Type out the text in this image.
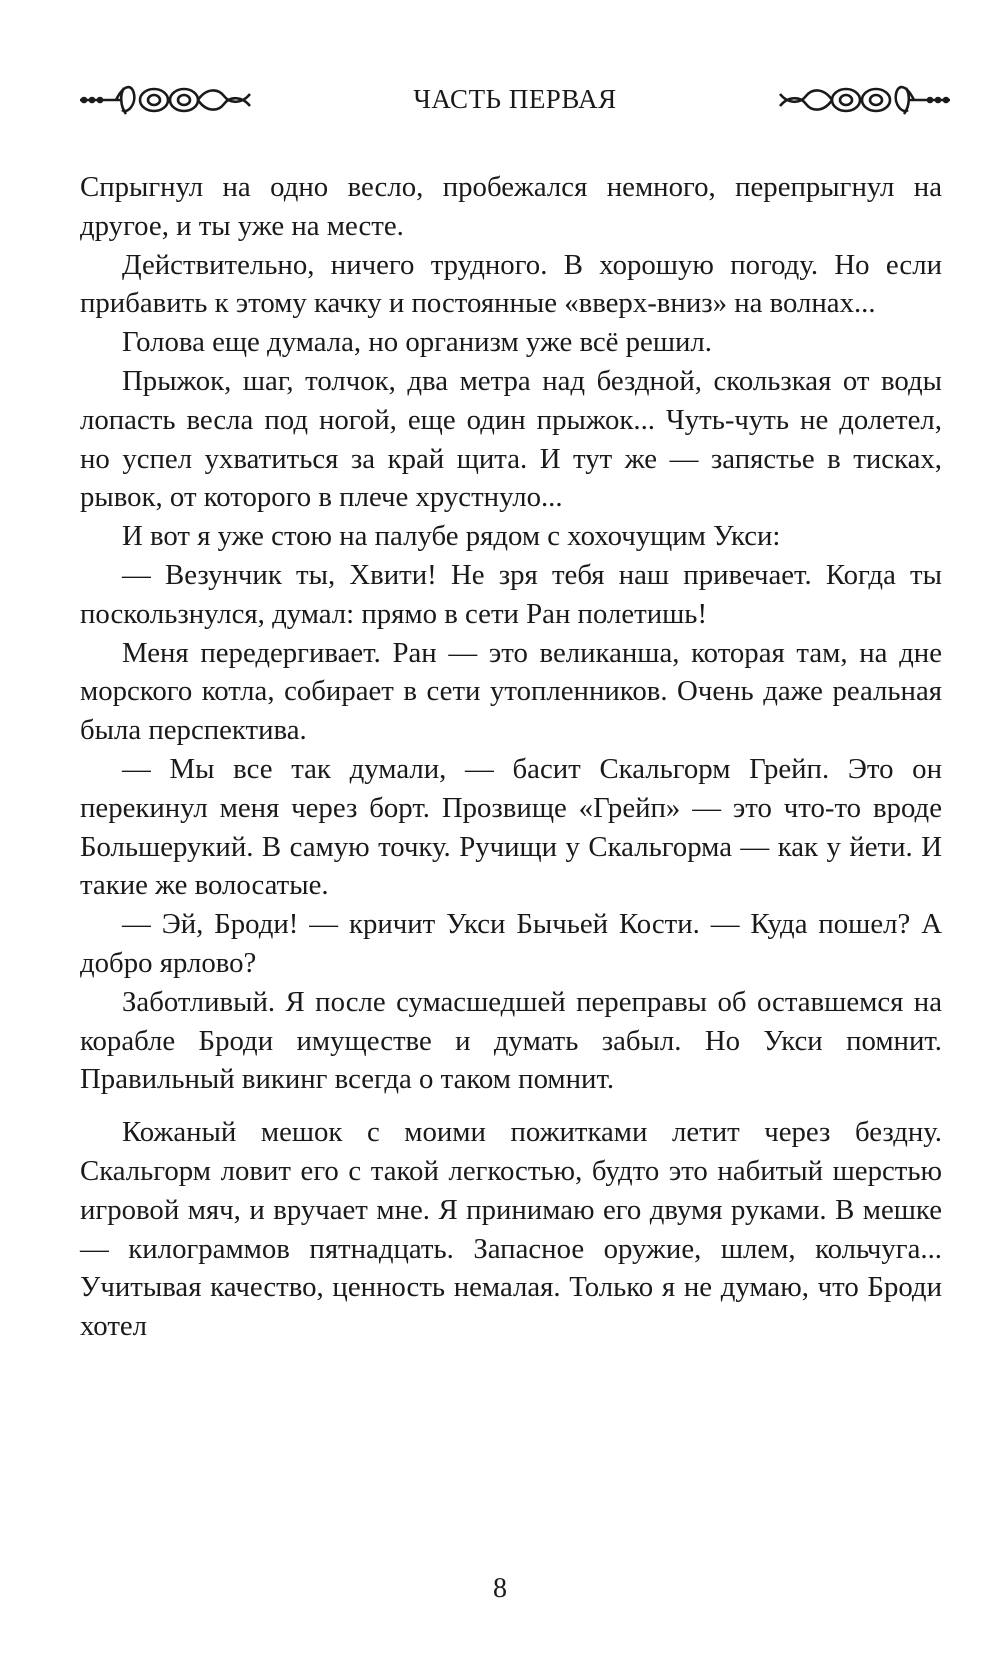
ЧАСТЬ ПЕРВАЯ

Спрыгнул на одно весло, пробежался немного, перепрыгнул на другое, и ты уже на месте.

Действительно, ничего трудного. В хорошую погоду. Но если прибавить к этому качку и постоянные «вверх-вниз» на волнах...

Голова еще думала, но организм уже всё решил.

Прыжок, шаг, толчок, два метра над бездной, скользкая от воды лопасть весла под ногой, еще один прыжок... Чуть-чуть не долетел, но успел ухватиться за край щита. И тут же — запястье в тисках, рывок, от которого в плече хрустнуло...

И вот я уже стою на палубе рядом с хохочущим Укси:

— Везунчик ты, Хвити! Не зря тебя наш привечает. Когда ты поскользнулся, думал: прямо в сети Ран полетишь!

Меня передергивает. Ран — это великанша, которая там, на дне морского котла, собирает в сети утопленников. Очень даже реальная была перспектива.

— Мы все так думали, — басит Скальгорм Грейп. Это он перекинул меня через борт. Прозвище «Грейп» — это что-то вроде Большерукий. В самую точку. Ручищи у Скальгорма — как у йети. И такие же волосатые.

— Эй, Броди! — кричит Укси Бычьей Кости. — Куда пошел? А добро ярлово?

Заботливый. Я после сумасшедшей переправы об оставшемся на корабле Броди имуществе и думать забыл. Но Укси помнит. Правильный викинг всегда о таком помнит.

Кожаный мешок с моими пожитками летит через бездну. Скальгорм ловит его с такой легкостью, будто это набитый шерстью игровой мяч, и вручает мне. Я принимаю его двумя руками. В мешке — килограммов пятнадцать. Запасное оружие, шлем, кольчуга... Учитывая качество, ценность немалая. Только я не думаю, что Броди хотел

8
